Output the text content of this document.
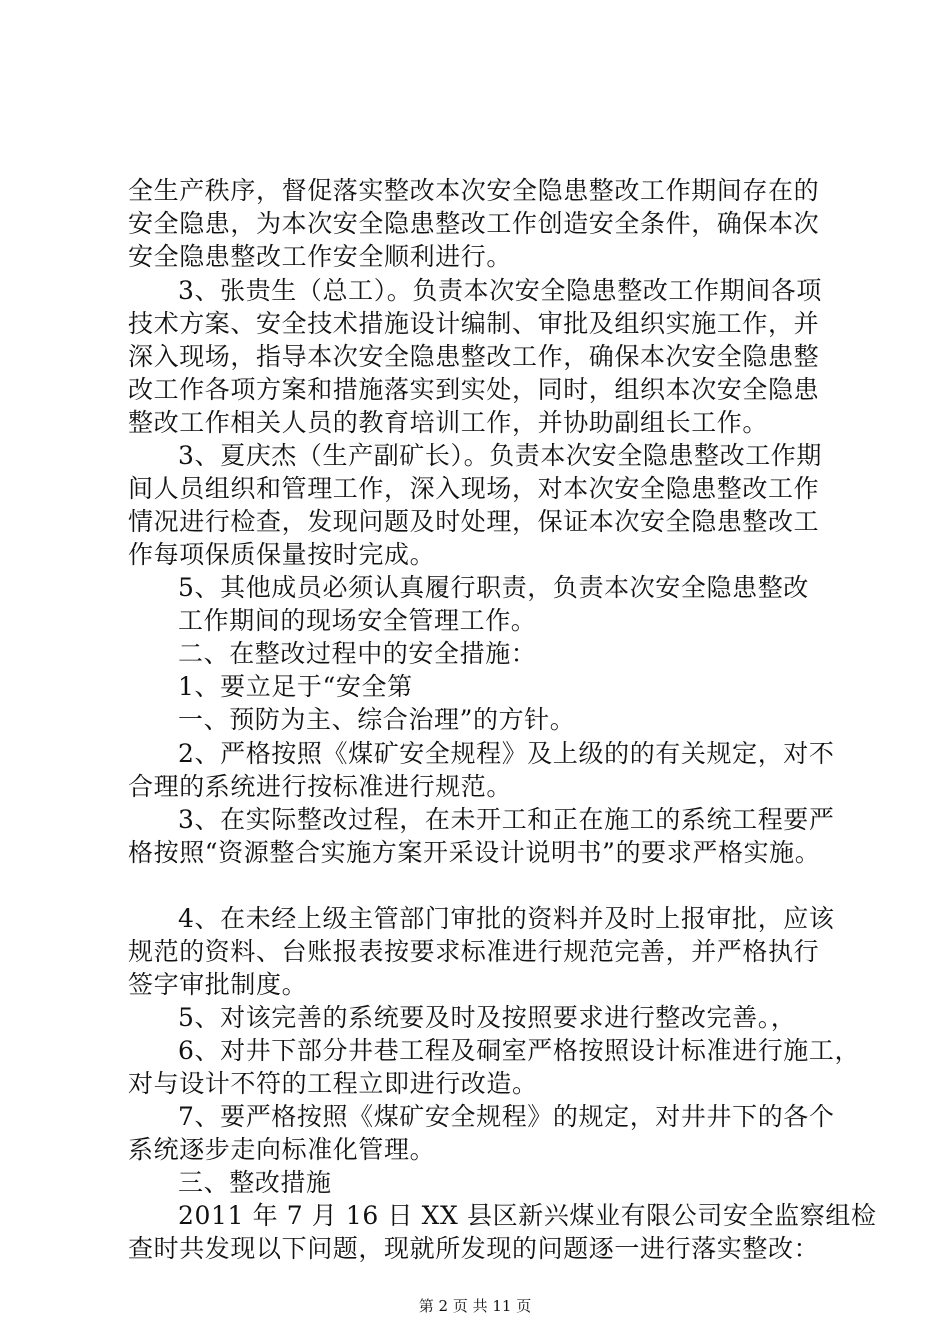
全生产秩序，督促落实整改本次安全隐患整改工作期间存在的
安全隐患，为本次安全隐患整改工作创造安全条件，确保本次
安全隐患整改工作安全顺利进行。
3、张贵生（总工）。负责本次安全隐患整改工作期间各项
技术方案、安全技术措施设计编制、审批及组织实施工作，并
深入现场，指导本次安全隐患整改工作，确保本次安全隐患整
改工作各项方案和措施落实到实处，同时，组织本次安全隐患
整改工作相关人员的教育培训工作，并协助副组长工作。
3、夏庆杰（生产副矿长）。负责本次安全隐患整改工作期
间人员组织和管理工作，深入现场，对本次安全隐患整改工作
情况进行检查，发现问题及时处理，保证本次安全隐患整改工
作每项保质保量按时完成。
5、其他成员必须认真履行职责，负责本次安全隐患整改
工作期间的现场安全管理工作。
二、在整改过程中的安全措施：
1、要立足于“安全第
一、预防为主、综合治理”的方针。
2、严格按照《煤矿安全规程》及上级的的有关规定，对不
合理的系统进行按标准进行规范。
3、在实际整改过程，在未开工和正在施工的系统工程要严
格按照“资源整合实施方案开采设计说明书”的要求严格实施。
4、在未经上级主管部门审批的资料并及时上报审批，应该
规范的资料、台账报表按要求标准进行规范完善，并严格执行
签字审批制度。
5、对该完善的系统要及时及按照要求进行整改完善。，
6、对井下部分井巷工程及硐室严格按照设计标准进行施工，
对与设计不符的工程立即进行改造。
7、要严格按照《煤矿安全规程》的规定，对井井下的各个
系统逐步走向标准化管理。
三、整改措施
2011 年 7 月 16 日 XX 县区新兴煤业有限公司安全监察组检
查时共发现以下问题，现就所发现的问题逐一进行落实整改：
第 2 页 共 11 页
